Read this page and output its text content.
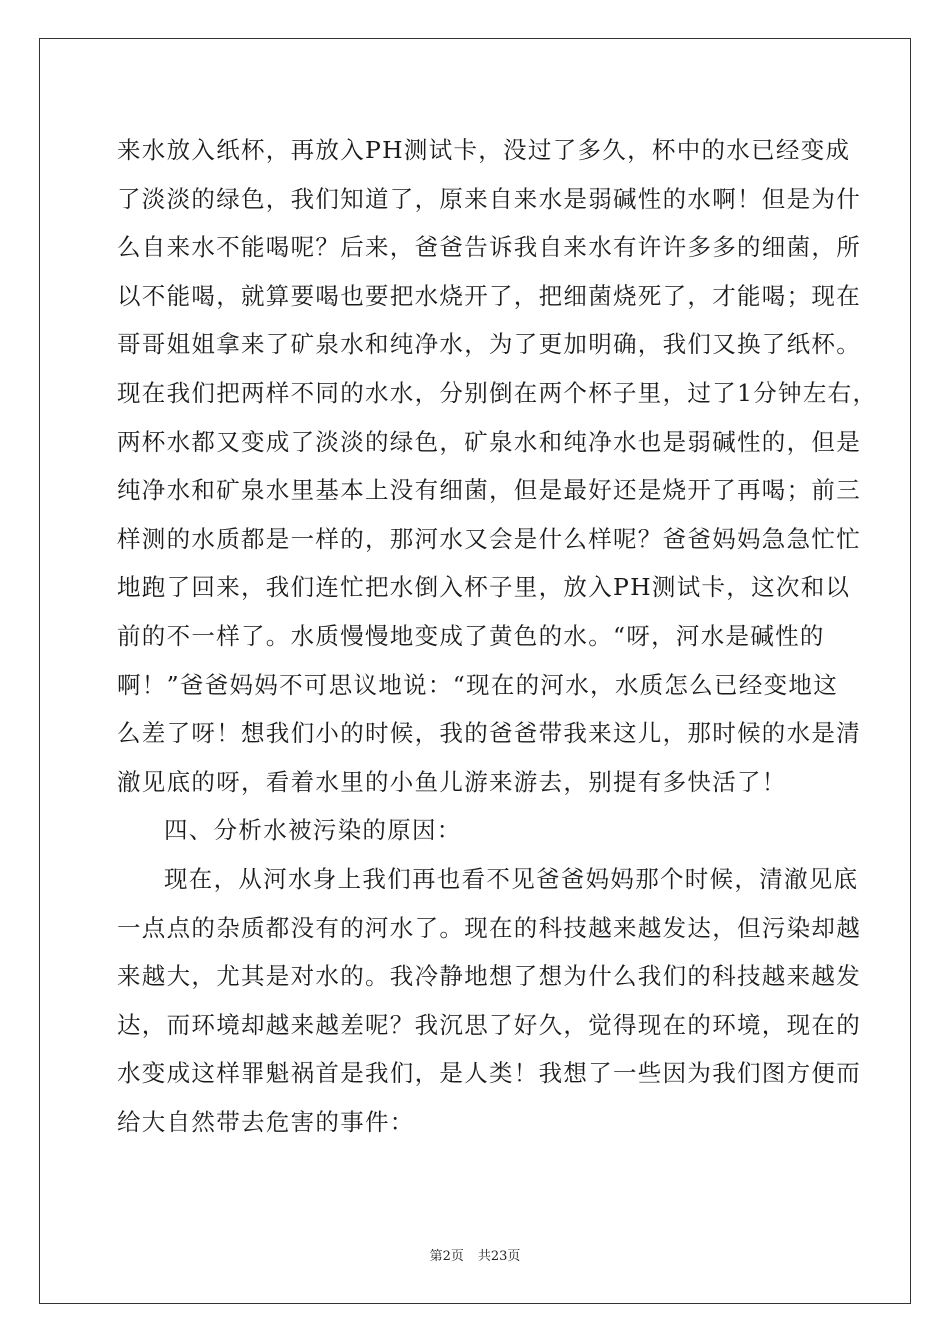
来水放入纸杯，再放入PH测试卡，没过了多久，杯中的水已经变成
了淡淡的绿色，我们知道了，原来自来水是弱碱性的水啊！但是为什
么自来水不能喝呢？后来，爸爸告诉我自来水有许许多多的细菌，所
以不能喝，就算要喝也要把水烧开了，把细菌烧死了，才能喝；现在
哥哥姐姐拿来了矿泉水和纯净水，为了更加明确，我们又换了纸杯。
现在我们把两样不同的水水，分别倒在两个杯子里，过了1分钟左右，
两杯水都又变成了淡淡的绿色，矿泉水和纯净水也是弱碱性的，但是
纯净水和矿泉水里基本上没有细菌，但是最好还是烧开了再喝；前三
样测的水质都是一样的，那河水又会是什么样呢？爸爸妈妈急急忙忙
地跑了回来，我们连忙把水倒入杯子里，放入PH测试卡，这次和以
前的不一样了。水质慢慢地变成了黄色的水。“呀，河水是碱性的
啊！”爸爸妈妈不可思议地说：“现在的河水，水质怎么已经变地这
么差了呀！想我们小的时候，我的爸爸带我来这儿，那时候的水是清
澈见底的呀，看着水里的小鱼儿游来游去，别提有多快活了！
四、分析水被污染的原因：
现在，从河水身上我们再也看不见爸爸妈妈那个时候，清澈见底
一点点的杂质都没有的河水了。现在的科技越来越发达，但污染却越
来越大，尤其是对水的。我冷静地想了想为什么我们的科技越来越发
达，而环境却越来越差呢？我沉思了好久，觉得现在的环境，现在的
水变成这样罪魁祸首是我们，是人类！我想了一些因为我们图方便而
给大自然带去危害的事件：
第2页 共23页
